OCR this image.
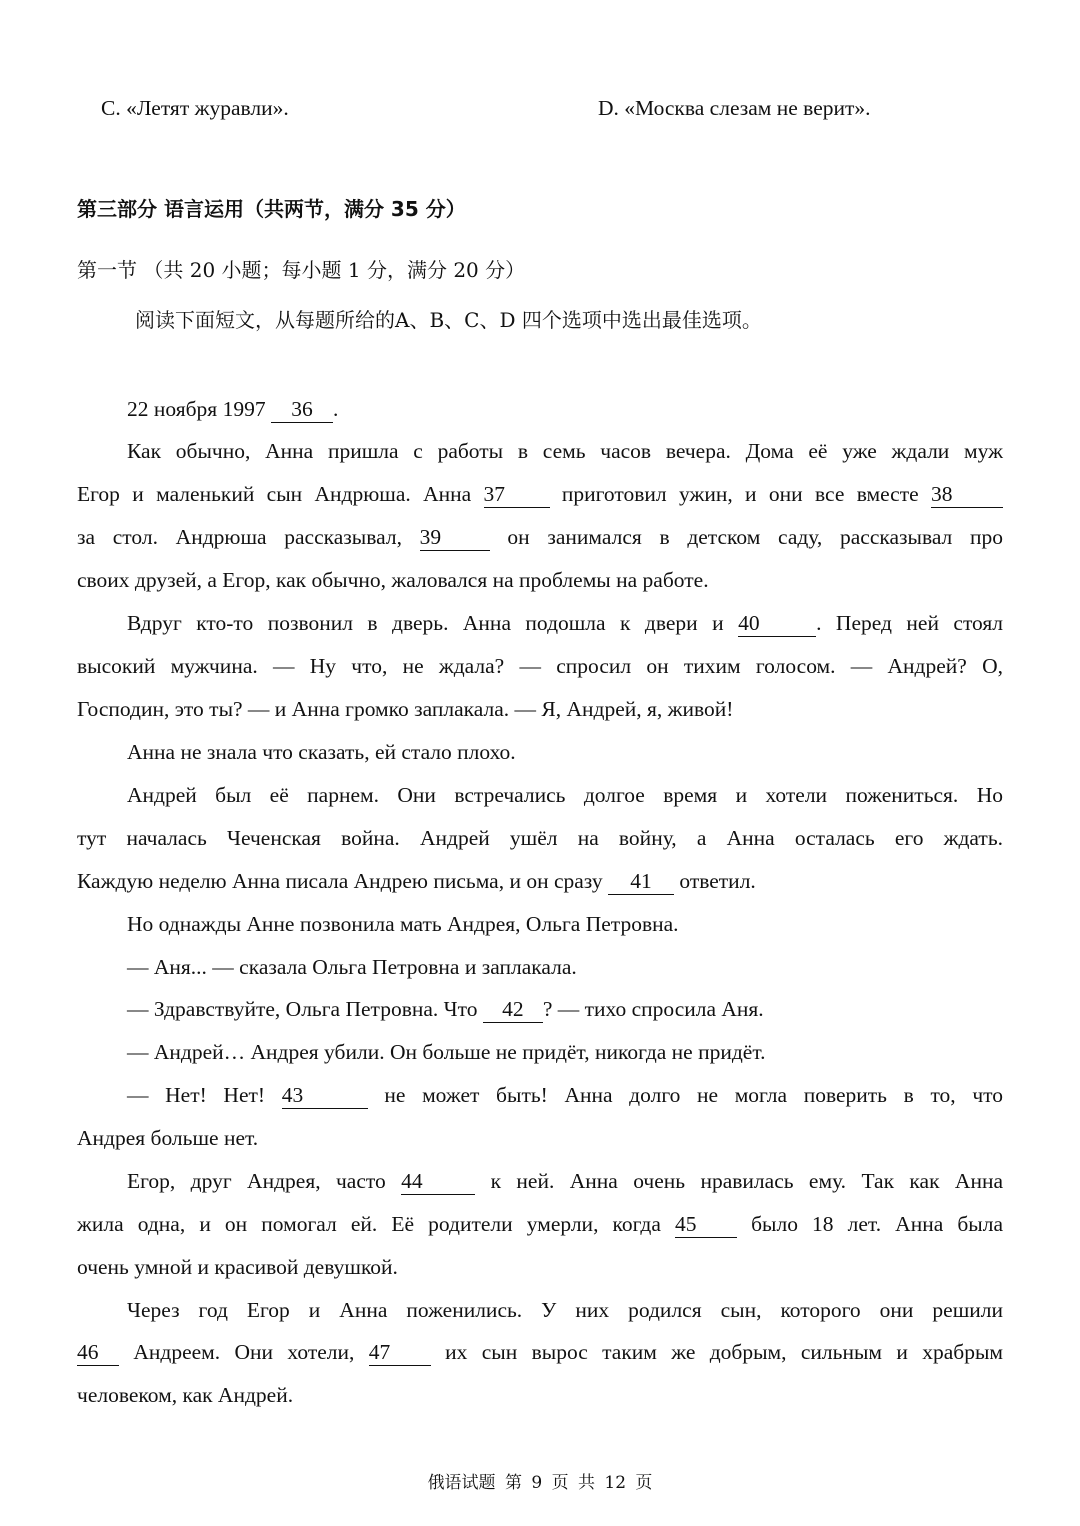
C. «Летят журавли».	D. «Москва слезам не верит».
第三部分 语言运用（共两节，满分 35 分）
第一节 （共 20 小题；每小题 1 分，满分 20 分）
阅读下面短文，从每题所给的A、B、C、D 四个选项中选出最佳选项。
22 ноября 1997 36 .
Как обычно, Анна пришла с работы в семь часов вечера. Дома её уже ждали муж
Егор и маленький сын Андрюша. Анна 37	приготовил ужин, и они все вместе 38
за стол. Андрюша рассказывал, 39	он занимался в детском саду, рассказывал про
своих друзей, а Егор, как обычно, жаловался на проблемы на работе.
Вдруг кто-то позвонил в дверь. Анна подошла к двери и 40	. Перед ней стоял
высокий мужчина. — Ну что, не ждала? — спросил он тихим голосом. — Андрей? О,
Господин, это ты? — и Анна громко заплакала. — Я, Андрей, я, живой!
Анна не знала что сказать, ей стало плохо.
Андрей был её парнем. Они встречались долгое время и хотели пожениться. Но
тут началась Чеченская война. Андрей ушёл на войну, а Анна осталась его ждать.
Каждую неделю Анна писала Андрею письма, и он сразу 41 ответил.
Но однажды Анне позвонила мать Андрея, Ольга Петровна.
— Аня... — сказала Ольга Петровна и заплакала.
— Здравствуйте, Ольга Петровна. Что 42 ? — тихо спросила Аня.
— Андрей… Андрея убили. Он больше не придёт, никогда не придёт.
— Нет! Нет! 43	не может быть! Анна долго не могла поверить в то, что
Андрея больше нет.
Егор, друг Андрея, часто 44	к ней. Анна очень нравилась ему. Так как Анна
жила одна, и он помогал ей. Её родители умерли, когда 45	было 18 лет. Анна была
очень умной и красивой девушкой.
Через год Егор и Анна поженились. У них родился сын, которого они решили
46 Андреем. Они хотели, 47	их сын вырос таким же добрым, сильным и храбрым
человеком, как Андрей.
俄语试题 第 9 页 共 12 页
